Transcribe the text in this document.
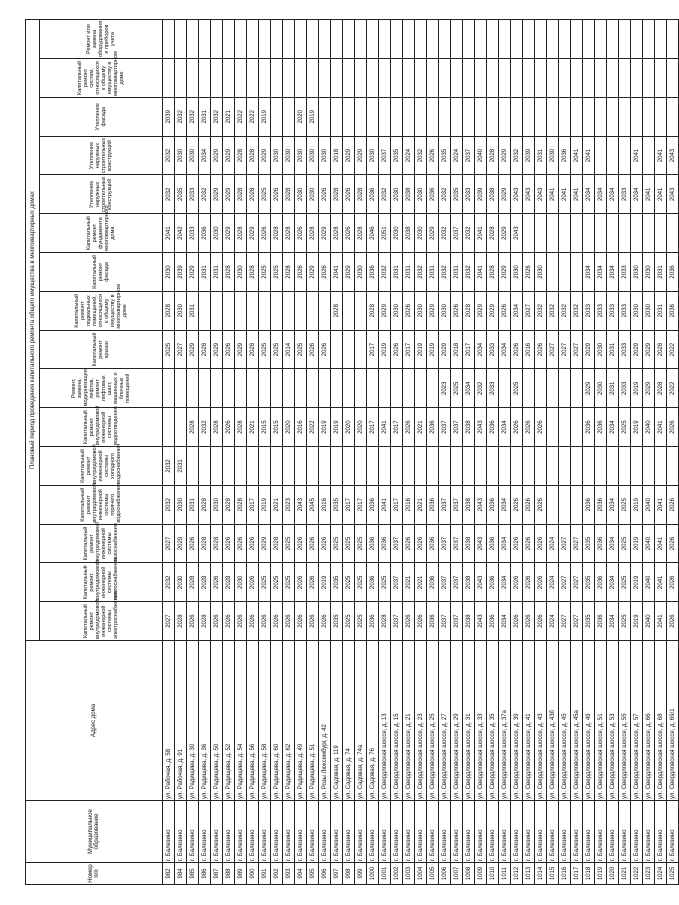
Номер п/п	Муниципальное образование	Адрес дома	Плановый период проведения капитального ремонта общего имущества в многоквартирных домах															
			Капитальный ремонт внутридомовой инженерной системы электроснабжения	Капитальный ремонт внутридомовой инженерной системы теплоснабжения	Капитальный ремонт внутридомовой инженерной системы газоснабжения	Капитальный ремонт внутридомовой инженерной системы горячего водоснабжения	Капитальный ремонт внутридомовой инженерной системы холодного водоснабжения	Капитальный ремонт внутридомовой инженерной системы водоотведения	Ремонт, замена, модернизация лифтов, ремонт лифтовых шахт, машинных и блочных помещений	Капитальный ремонт крыши	Капитальный ремонт подвальных помещений, относящихся к общему имуществу в многоквартирном доме	Капитальный ремонт фасада	Капитальный ремонт фундамента многоквартирного дома	Утепление наружных строительных конструкций	Утепление наружных строительных конструкций	Утепление фасада	Капитальный ремонт систем, относящихся к общему имуществу в многоквартирном доме	Ремонт или замена оборудования и приборов учета
982	г. Балезино	ул. Рабочая, д. 58	2027	2032	2027	2032	2032			2025	2028	2030	2041	2032	2032	2039		
984	г. Балезино	ул. Рабочая, д. 91	2028	2030	2029	2030	2031			2027	2030	2039	2042	2035	2030	2032		
985	г. Балезино	ул. Радищева, д. 30	2026	2028	2026	2031		2028		2029	2031	2029	2033	2033	2030	2032		
986	г. Балезино	ул. Радищева, д. 36	2028	2028	2028	2028		2032		2028		2031	2036	2032	2034	2031		
987	г. Балезино	ул. Радищева, д. 50	2026	2026	2028	2030		2028		2029		2031	2030	2029	2029	2032		
988	г. Балезино	ул. Радищева, д. 52	2026	2028	2026	2028		2026		2026		2028	2029	2029	2029	2021		
989	г. Балезино	ул. Радищева, д. 54	2026	2030	2026	2028		2028		2029		2030	2028	2028	2028	2022		
990	г. Балезино	ул. Радищева, д. 56	2026	2026	2026	2017		2021		2028		2028	2029	2028	2028	2022		
991	г. Балезино	ул. Радищева, д. 58	2026	2025	2029	2019		2015		2025		2025	2026	2025	2029	2019		
992	г. Балезино	ул. Радищева, д. 60	2026	2025	2028	2021		2015		2025		2025	2028	2026	2030			
993	г. Балезино	ул. Радищева, д. 62	2026	2025	2025	2023		2020		2014		2028	2028	2028	2030			
994	г. Балезино	ул. Радищева, д. 49	2026	2026	2026	2043		2016		2025		2026	2026	2030	2030	2020		
995	г. Балезино	ул. Радищева, д. 51	2026	2026	2026	2045		2022		2026		2029	2028	2030	2030	2019		
996	г. Балезино	ул. Розы Люксембург, д. 42	2026	2019	2026	2016		2019		2026		2026	2029	2026	2030			
997	г. Балезино	ул. Садовая, д. 119	2035	2035	2025	2035		2019			2028	2041	2028	2028	2018			
998	г. Балезино	ул. Садовая, д. 74	2025	2025	2025	2017		2020				2029	2026	2026	2029			
999	г. Балезино	ул. Садовая, д. 74а	2025	2025	2025	2017		2020				2030	2028	2028	2029			
1000	г. Балезино	ул. Садовая, д. 76	2036	2036	2036	2036		2017		2017	2028	2036	2046	2036	2030			
1001	г. Балезино	ул. Свердловская шоссе, д. 13	2028	2025	2036	2041		2041		2019	2029	2032	2051	2032	2037			
1002	г. Балезино	ул. Свердловская шоссе, д. 15	2037	2037	2037	2017		2017		2026	2030	2031	2030	2030	2035			
1003	г. Балезино	ул. Свердловская шоссе, д. 21	2026	2021	2026	2016		2026		2017	2026	2031	2038	2038	2024			
1004	г. Балезино	ул. Свердловская шоссе, д. 23	2026	2021	2026	2021		2021		2019	2030	2032	2030	2030	2032			
1005	г. Балезино	ул. Свердловская шоссе, д. 25	2036	2036	2036	2036		2036		2019	2029	2031	2029	2036	2026			
1006	г. Балезино	ул. Свердловская шоссе, д. 27	2037	2037	2037	2037		2037	2023	2029	2030	2032	2032	2032	2035			
1007	г. Балезино	ул. Свердловская шоссе, д. 29	2037	2037	2037	2037		2037	2025	2018	2026	2031	2037	2035	2024			
1008	г. Балезино	ул. Свердловская шоссе, д. 31	2038	2038	2038	2038		2038	2034	2017	2028	2032	2032	2033	2037			
1009	г. Балезино	ул. Свердловская шоссе, д. 33	2043	2043	2043	2043		2043	2032	2034	2029	2041	2041	2039	2040			
1010	г. Балезино	ул. Свердловская шоссе, д. 35	2036	2036	2036	2036		2036	2033	2033	2029	2028	2028	2038	2028			
1011	г. Балезино	ул. Свердловская шоссе, д. 37а	2034	2034	2034	2034		2034		2034	2026	2029	2029	2029	2029			
1012	г. Балезино	ул. Свердловская шоссе, д. 39	2026	2026	2026	2026		2026	2025	2026	2034	2030	2043	2043	2032			
1013	г. Балезино	ул. Свердловская шоссе, д. 41	2026	2026	2026	2026		2026		2016	2027	2026		2043	2039			
1014	г. Балезино	ул. Свердловская шоссе, д. 43	2026	2026	2026	2026		2026		2026	2032	2030		2043	2031			
1015	г. Балезино	ул. Свердловская шоссе, д. 43б	2024	2024	2024					2027	2032			2041	2030			
1016	г. Балезино	ул. Свердловская шоссе, д. 45	2027	2027	2027					2027	2032			2041	2036			
1017	г. Балезино	ул. Свердловская шоссе, д. 45а	2027	2027	2027					2027	2032			2041	2041			
1018	г. Балезино	ул. Свердловская шоссе, д. 49	2035	2035	2035	2036		2036	2029	2029	2033	2034		2034	2041			
1019	г. Балезино	ул. Свердловская шоссе, д. 51	2036	2036	2036	2036		2036	2030	2030	2033	2034		2034				
1020	г. Балезино	ул. Свердловская шоссе, д. 53	2034	2034	2034	2034		2034	2031	2031	2033	2034		2034				
1021	г. Балезино	ул. Свердловская шоссе, д. 55	2025	2025	2025	2025		2025	2033	2033	2033	2033		2033				
1022	г. Балезино	ул. Свердловская шоссе, д. 57	2019	2019	2019	2019		2019	2019	2029	2030	2030		2034	2041			
1023	г. Балезино	ул. Свердловская шоссе, д. 66	2040	2040	2040	2040		2040	2029	2029	2030	2030		2041				
1024	г. Балезино	ул. Свердловская шоссе, д. 68	2041	2041	2041	2041		2041	2028	2028	2031	2031		2041	2041			
1025	г. Балезино	ул. Свердловская шоссе, д. 69/1	2026	2026	2026	2026		2026	2022	2022	2036	2036		2043	2043			
